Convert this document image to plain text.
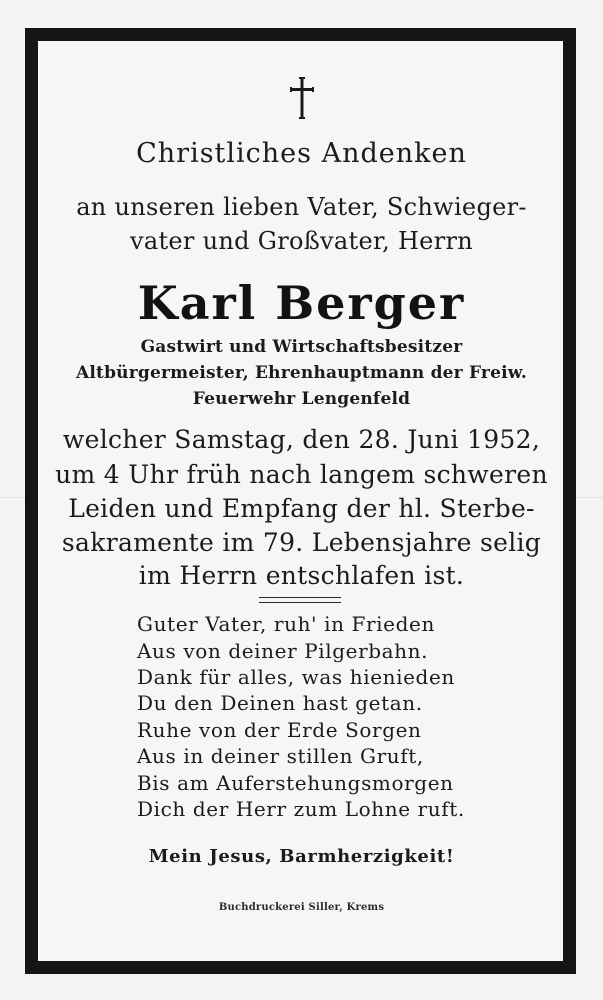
Christliches Andenken
an unseren lieben Vater, Schwieger-
vater und Großvater, Herrn
Karl Berger
Gastwirt und Wirtschaftsbesitzer
Altbürgermeister, Ehrenhauptmann der Freiw.
Feuerwehr Lengenfeld
welcher Samstag, den 28. Juni 1952,
um 4 Uhr früh nach langem schweren
Leiden und Empfang der hl. Sterbe-
sakramente im 79. Lebensjahre selig
im Herrn entschlafen ist.
Guter Vater, ruh' in Frieden
Aus von deiner Pilgerbahn.
Dank für alles, was hienieden
Du den Deinen hast getan.
Ruhe von der Erde Sorgen
Aus in deiner stillen Gruft,
Bis am Auferstehungsmorgen
Dich der Herr zum Lohne ruft.
Mein Jesus, Barmherzigkeit!
Buchdruckerei Siller, Krems
